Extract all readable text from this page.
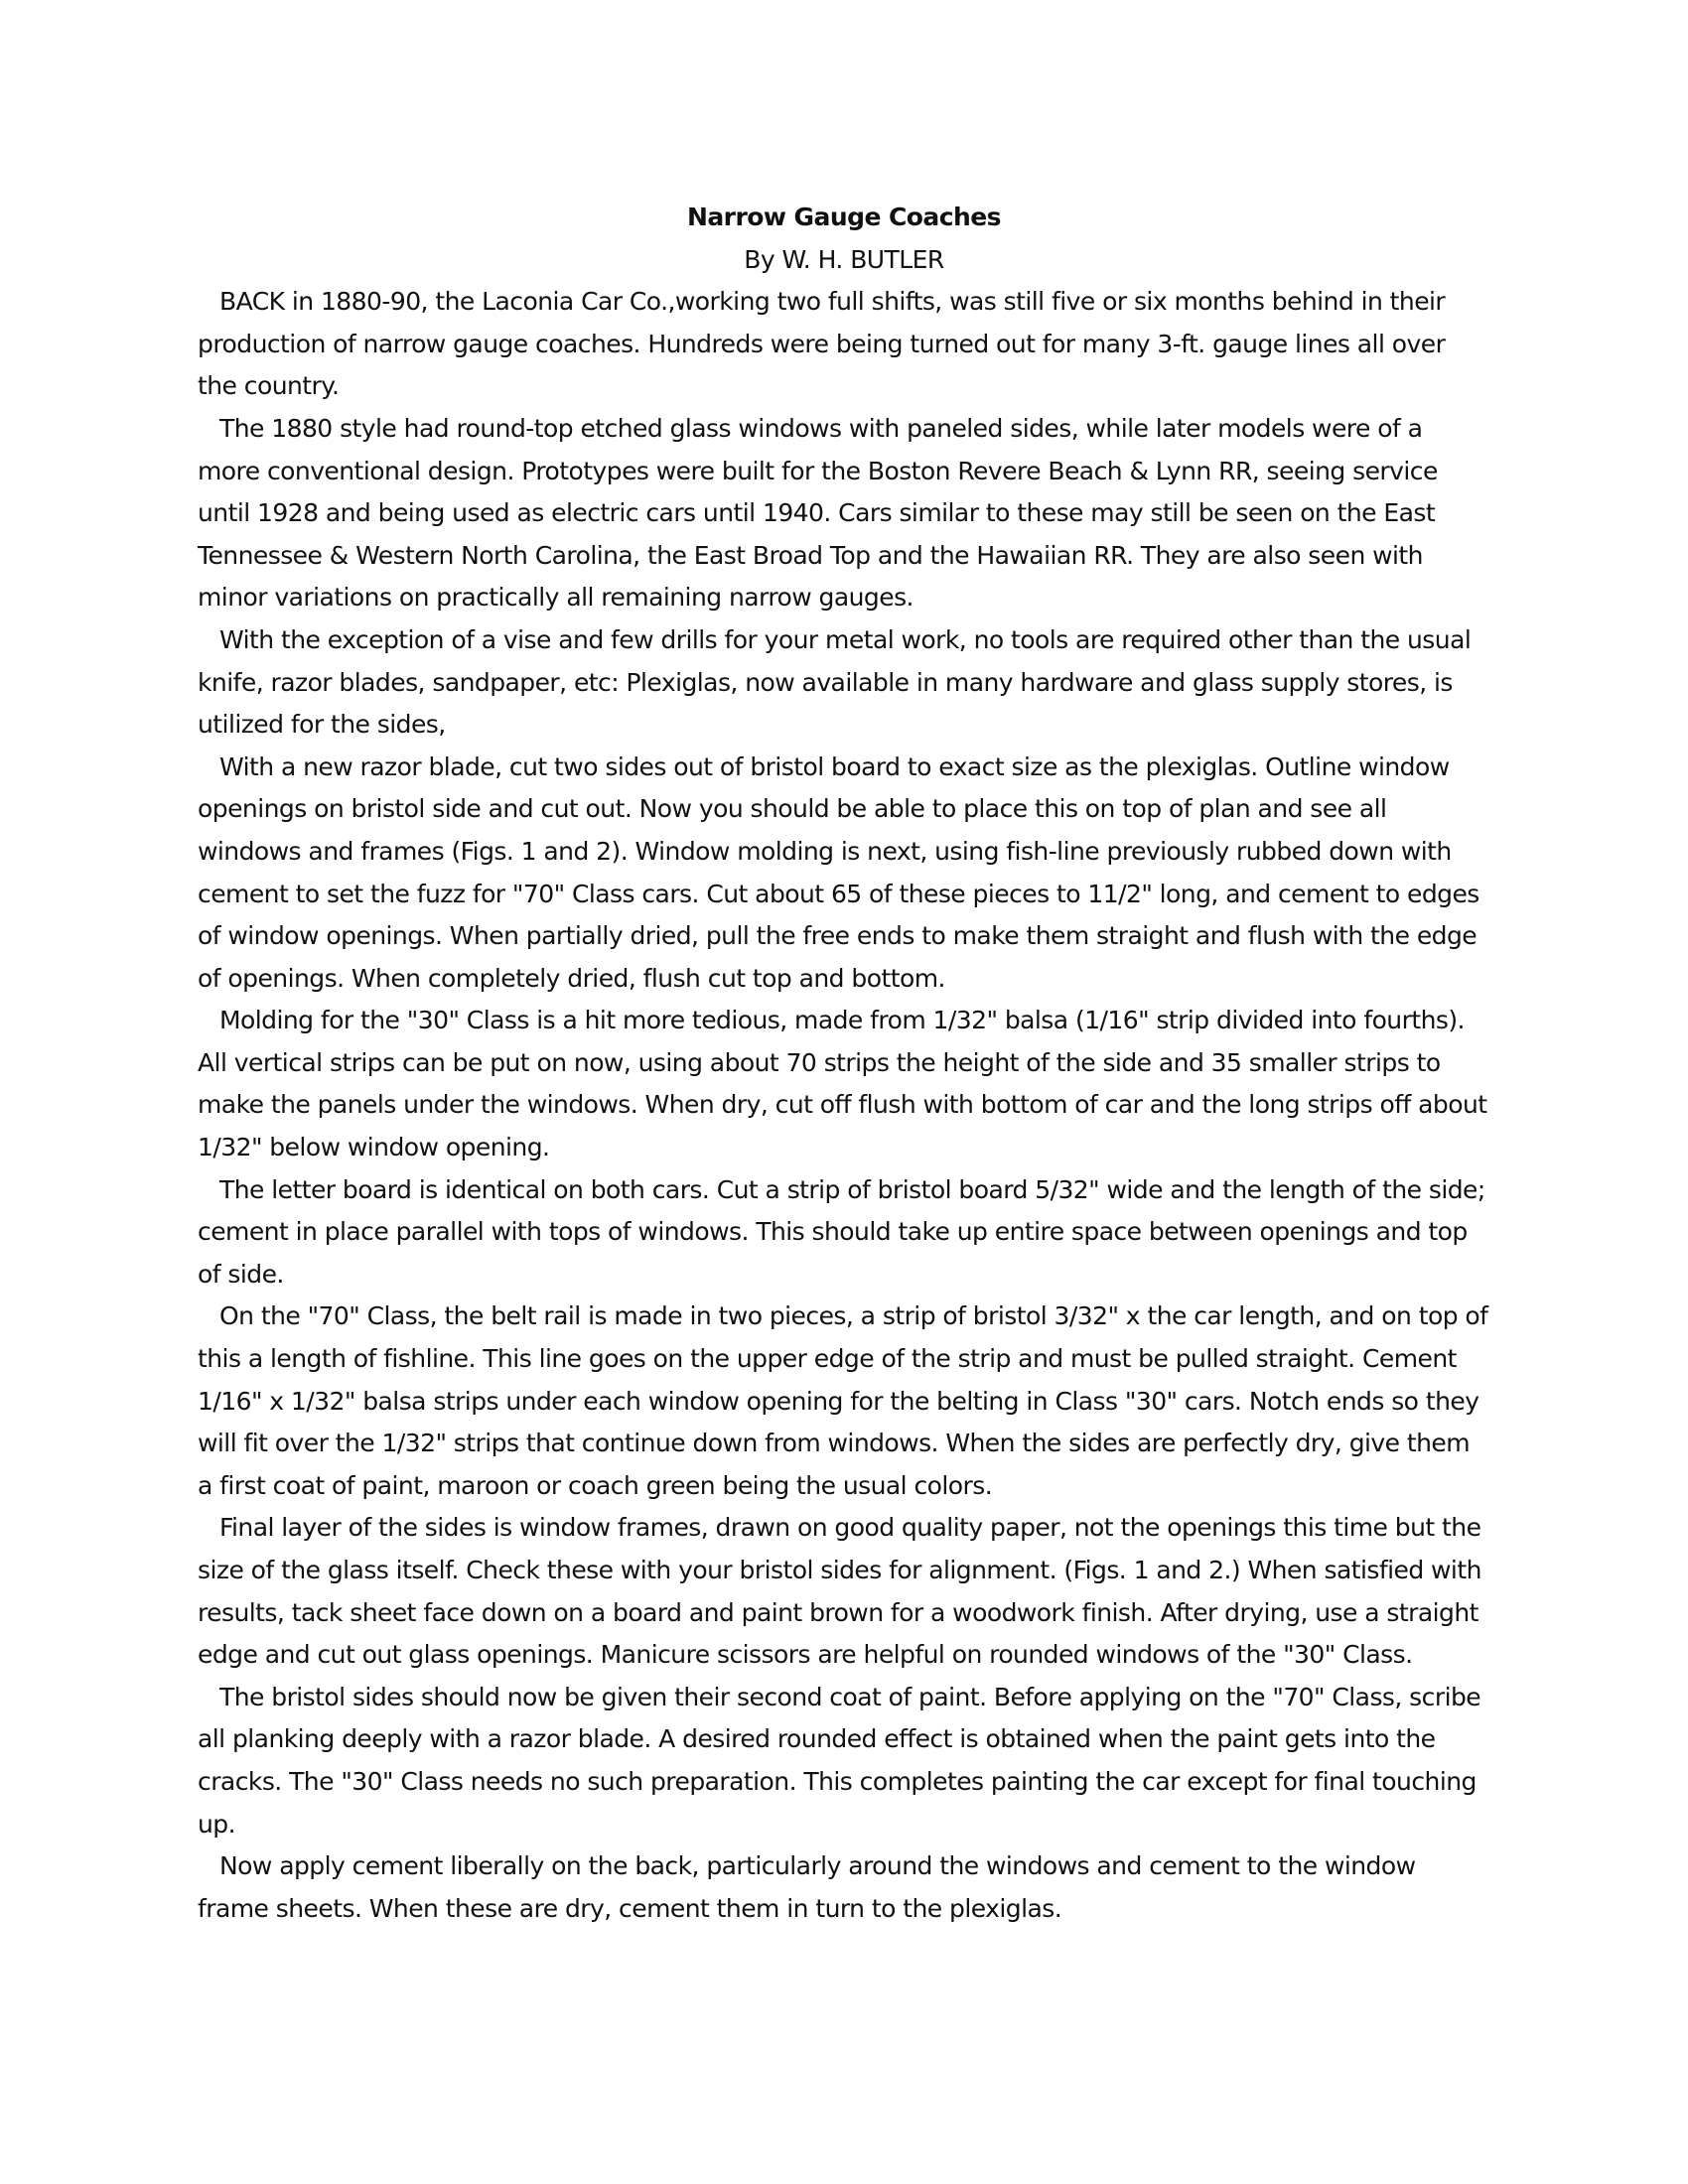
Narrow Gauge Coaches

By W. H. BUTLER

BACK in 1880-90, the Laconia Car Co.,working two full shifts, was still five or six months behind in their production of narrow gauge coaches. Hundreds were being turned out for many 3-ft. gauge lines all over the country.

The 1880 style had round-top etched glass windows with paneled sides, while later models were of a more conventional design. Prototypes were built for the Boston Revere Beach & Lynn RR, seeing service until 1928 and being used as electric cars until 1940. Cars similar to these may still be seen on the East Tennessee & Western North Carolina, the East Broad Top and the Hawaiian RR. They are also seen with minor variations on practically all remaining narrow gauges.

With the exception of a vise and few drills for your metal work, no tools are required other than the usual knife, razor blades, sandpaper, etc: Plexiglas, now available in many hardware and glass supply stores, is utilized for the sides,

With a new razor blade, cut two sides out of bristol board to exact size as the plexiglas. Outline window openings on bristol side and cut out. Now you should be able to place this on top of plan and see all windows and frames (Figs. 1 and 2). Window molding is next, using fish-line previously rubbed down with cement to set the fuzz for "70" Class cars. Cut about 65 of these pieces to 11/2" long, and cement to edges of window openings. When partially dried, pull the free ends to make them straight and flush with the edge of openings. When completely dried, flush cut top and bottom.

Molding for the "30" Class is a hit more tedious, made from 1/32" balsa (1/16" strip divided into fourths). All vertical strips can be put on now, using about 70 strips the height of the side and 35 smaller strips to make the panels under the windows. When dry, cut off flush with bottom of car and the long strips off about 1/32" below window opening.

The letter board is identical on both cars. Cut a strip of bristol board 5/32" wide and the length of the side; cement in place parallel with tops of windows. This should take up entire space between openings and top of side.

On the "70" Class, the belt rail is made in two pieces, a strip of bristol 3/32" x the car length, and on top of this a length of fishline. This line goes on the upper edge of the strip and must be pulled straight. Cement 1/16" x 1/32" balsa strips under each window opening for the belting in Class "30" cars. Notch ends so they will fit over the 1/32" strips that continue down from windows. When the sides are perfectly dry, give them a first coat of paint, maroon or coach green being the usual colors.

Final layer of the sides is window frames, drawn on good quality paper, not the openings this time but the size of the glass itself. Check these with your bristol sides for alignment. (Figs. 1 and 2.) When satisfied with results, tack sheet face down on a board and paint brown for a woodwork finish. After drying, use a straight edge and cut out glass openings. Manicure scissors are helpful on rounded windows of the "30" Class.

The bristol sides should now be given their second coat of paint. Before applying on the "70" Class, scribe all planking deeply with a razor blade. A desired rounded effect is obtained when the paint gets into the cracks. The "30" Class needs no such preparation. This completes painting the car except for final touching up.

Now apply cement liberally on the back, particularly around the windows and cement to the window frame sheets. When these are dry, cement them in turn to the plexiglas.
